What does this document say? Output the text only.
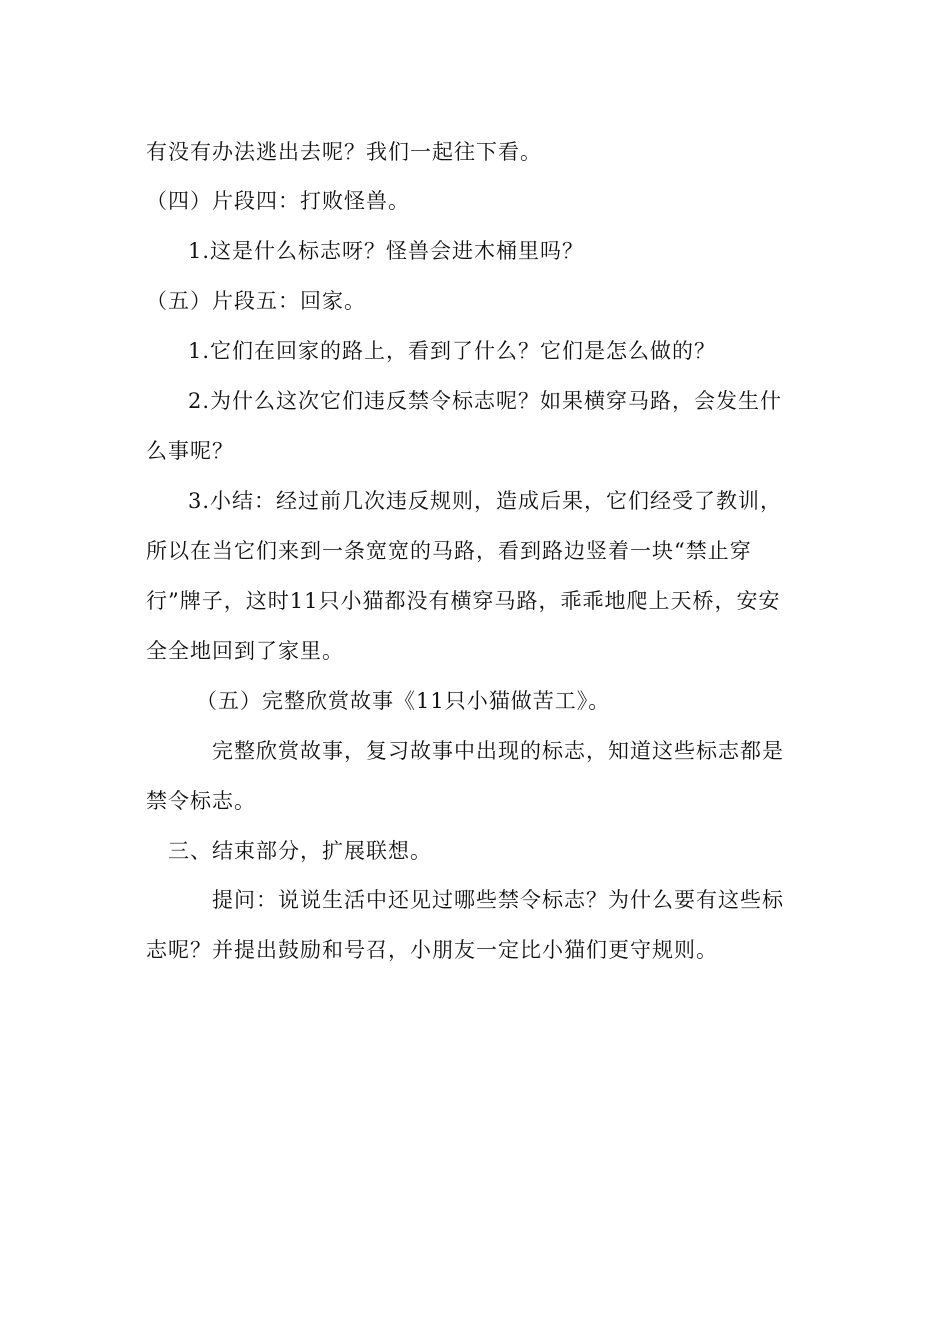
有没有办法逃出去呢？我们一起往下看。
（四）片段四：打败怪兽。
1.这是什么标志呀？怪兽会进木桶里吗？
（五）片段五：回家。
1.它们在回家的路上，看到了什么？它们是怎么做的？
2.为什么这次它们违反禁令标志呢？如果横穿马路，会发生什
么事呢？
3.小结：经过前几次违反规则，造成后果，它们经受了教训，
所以在当它们来到一条宽宽的马路，看到路边竖着一块“禁止穿
行”牌子，这时11只小猫都没有横穿马路，乖乖地爬上天桥，安安
全全地回到了家里。
（五）完整欣赏故事《11只小猫做苦工》。
完整欣赏故事，复习故事中出现的标志，知道这些标志都是
禁令标志。
三、结束部分，扩展联想。
提问：说说生活中还见过哪些禁令标志？为什么要有这些标
志呢？并提出鼓励和号召，小朋友一定比小猫们更守规则。
